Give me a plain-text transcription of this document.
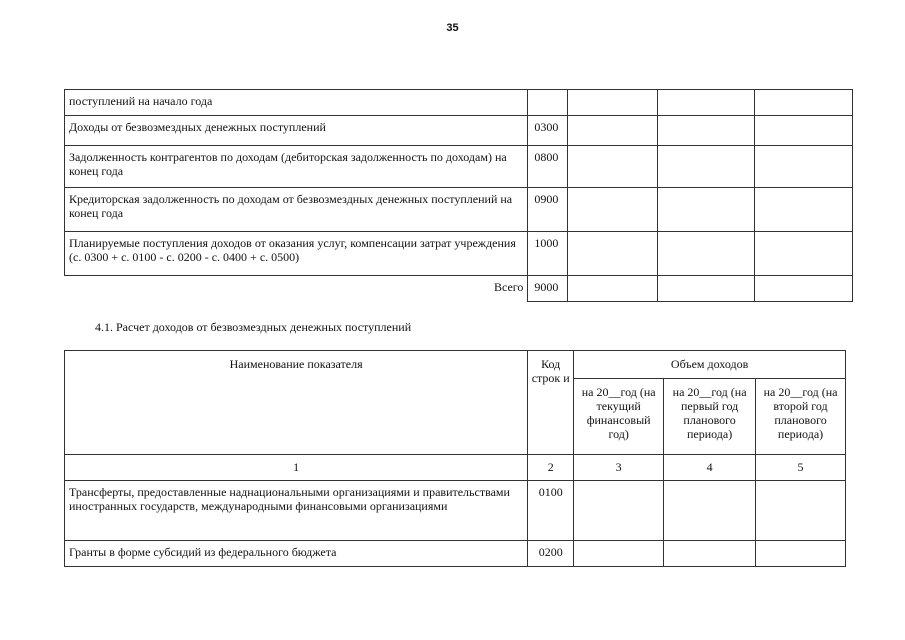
35
поступлений на начало года				
Доходы от безвозмездных денежных поступлений	0300			
Задолженность контрагентов по доходам (дебиторская задолженность по доходам) на конец года	0800			
Кредиторская задолженность по доходам от безвозмездных денежных поступлений на конец года	0900			
Планируемые поступления доходов от оказания услуг, компенсации затрат учреждения (с. 0300 + с. 0100 - с. 0200 - с. 0400 + с. 0500)	1000			
Всего	9000			
4.1. Расчет доходов от безвозмездных денежных поступлений
Наименование показателя	Код строк и	Объем доходов		
		на 20__год (на текущий финансовый год)	на 20__год (на первый год планового периода)	на 20__год (на второй год планового периода)
1	2	3	4	5
Трансферты, предоставленные наднациональными организациями и правительствами иностранных государств, международными финансовыми организациями	0100			
Гранты в форме субсидий из федерального бюджета	0200			
